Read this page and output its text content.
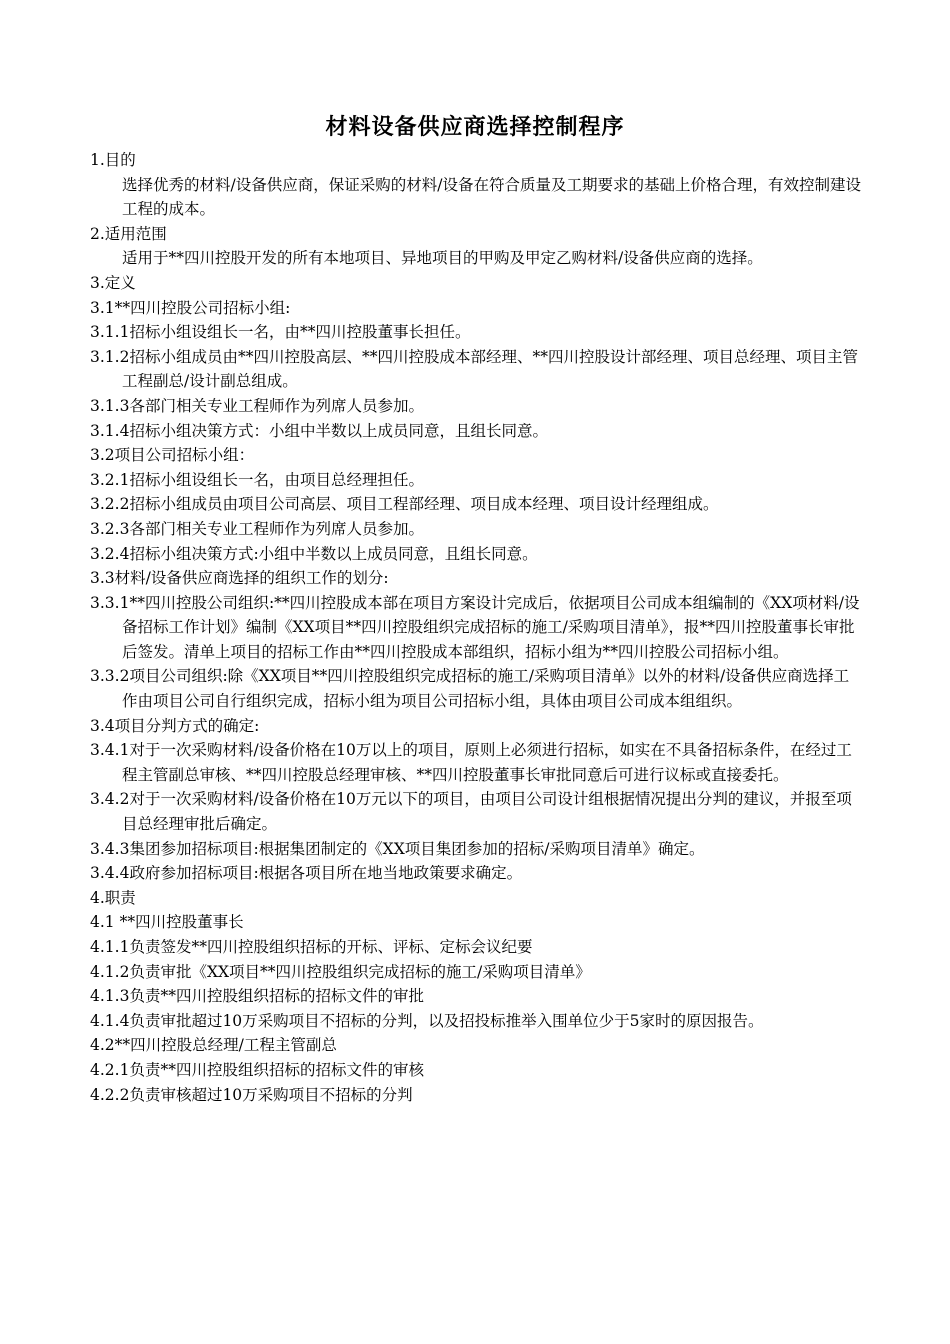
材料设备供应商选择控制程序
1.目的
选择优秀的材料/设备供应商，保证采购的材料/设备在符合质量及工期要求的基础上价格合理，有效控制建设工程的成本。
2.适用范围
适用于**四川控股开发的所有本地项目、异地项目的甲购及甲定乙购材料/设备供应商的选择。
3.定义
3.1**四川控股公司招标小组:
3.1.1招标小组设组长一名，由**四川控股董事长担任。
3.1.2招标小组成员由**四川控股高层、**四川控股成本部经理、**四川控股设计部经理、项目总经理、项目主管工程副总/设计副总组成。
3.1.3各部门相关专业工程师作为列席人员参加。
3.1.4招标小组决策方式：小组中半数以上成员同意，且组长同意。
3.2项目公司招标小组：
3.2.1招标小组设组长一名，由项目总经理担任。
3.2.2招标小组成员由项目公司高层、项目工程部经理、项目成本经理、项目设计经理组成。
3.2.3各部门相关专业工程师作为列席人员参加。
3.2.4招标小组决策方式:小组中半数以上成员同意，且组长同意。
3.3材料/设备供应商选择的组织工作的划分:
3.3.1**四川控股公司组织:**四川控股成本部在项目方案设计完成后，依据项目公司成本组编制的《XX项材料/设备招标工作计划》编制《XX项目**四川控股组织完成招标的施工/采购项目清单》，报**四川控股董事长审批后签发。清单上项目的招标工作由**四川控股成本部组织，招标小组为**四川控股公司招标小组。
3.3.2项目公司组织:除《XX项目**四川控股组织完成招标的施工/采购项目清单》以外的材料/设备供应商选择工作由项目公司自行组织完成，招标小组为项目公司招标小组，具体由项目公司成本组组织。
3.4项目分判方式的确定:
3.4.1对于一次采购材料/设备价格在10万以上的项目，原则上必须进行招标，如实在不具备招标条件，在经过工程主管副总审核、**四川控股总经理审核、**四川控股董事长审批同意后可进行议标或直接委托。
3.4.2对于一次采购材料/设备价格在10万元以下的项目，由项目公司设计组根据情况提出分判的建议，并报至项目总经理审批后确定。
3.4.3集团参加招标项目:根据集团制定的《XX项目集团参加的招标/采购项目清单》确定。
3.4.4政府参加招标项目:根据各项目所在地当地政策要求确定。
4.职责
4.1 **四川控股董事长
4.1.1负责签发**四川控股组织招标的开标、评标、定标会议纪要
4.1.2负责审批《XX项目**四川控股组织完成招标的施工/采购项目清单》
4.1.3负责**四川控股组织招标的招标文件的审批
4.1.4负责审批超过10万采购项目不招标的分判，以及招投标推举入围单位少于5家时的原因报告。
4.2**四川控股总经理/工程主管副总
4.2.1负责**四川控股组织招标的招标文件的审核
4.2.2负责审核超过10万采购项目不招标的分判
